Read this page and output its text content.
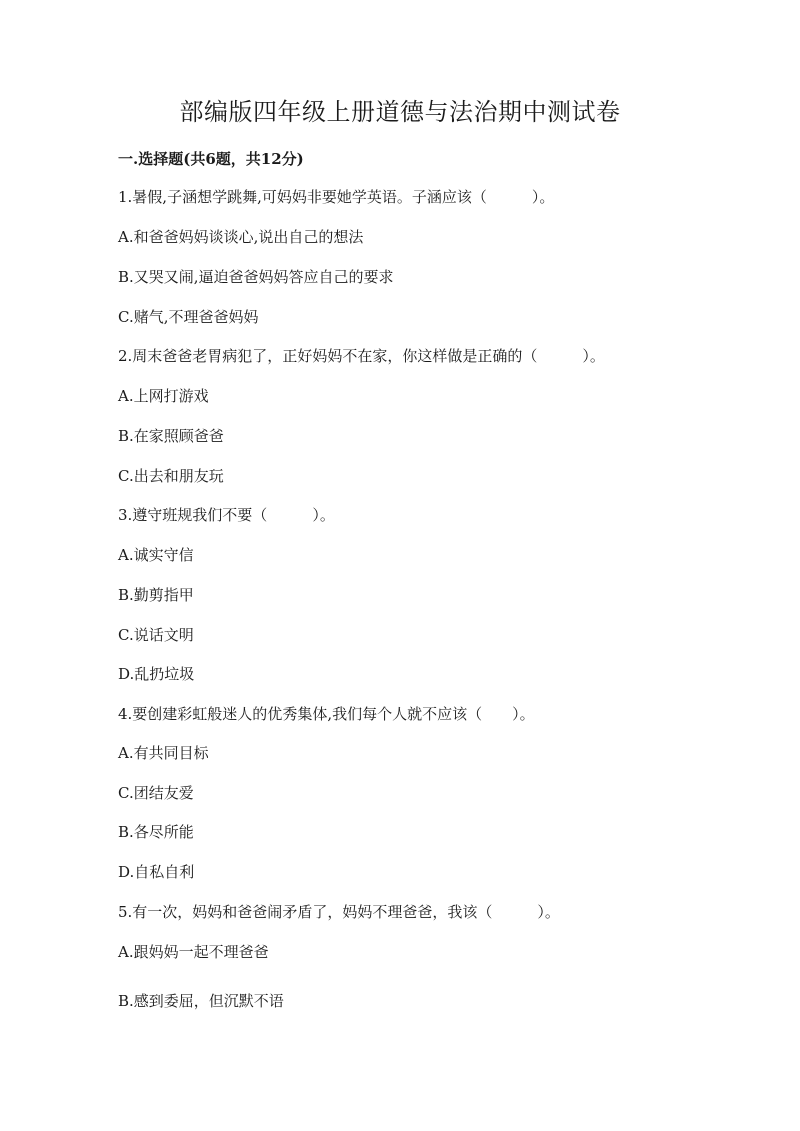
部编版四年级上册道德与法治期中测试卷
一.选择题(共6题，共12分)
1.暑假,子涵想学跳舞,可妈妈非要她学英语。子涵应该（　　　）。
A.和爸爸妈妈谈谈心,说出自己的想法
B.又哭又闹,逼迫爸爸妈妈答应自己的要求
C.赌气,不理爸爸妈妈
2.周末爸爸老胃病犯了，正好妈妈不在家，你这样做是正确的（　　　）。
A.上网打游戏
B.在家照顾爸爸
C.出去和朋友玩
3.遵守班规我们不要（　　　）。
A.诚实守信
B.勤剪指甲
C.说话文明
D.乱扔垃圾
4.要创建彩虹般迷人的优秀集体,我们每个人就不应该（　　）。
A.有共同目标
C.团结友爱
B.各尽所能
D.自私自利
5.有一次，妈妈和爸爸闹矛盾了，妈妈不理爸爸，我该（　　　）。
A.跟妈妈一起不理爸爸
B.感到委屈，但沉默不语
